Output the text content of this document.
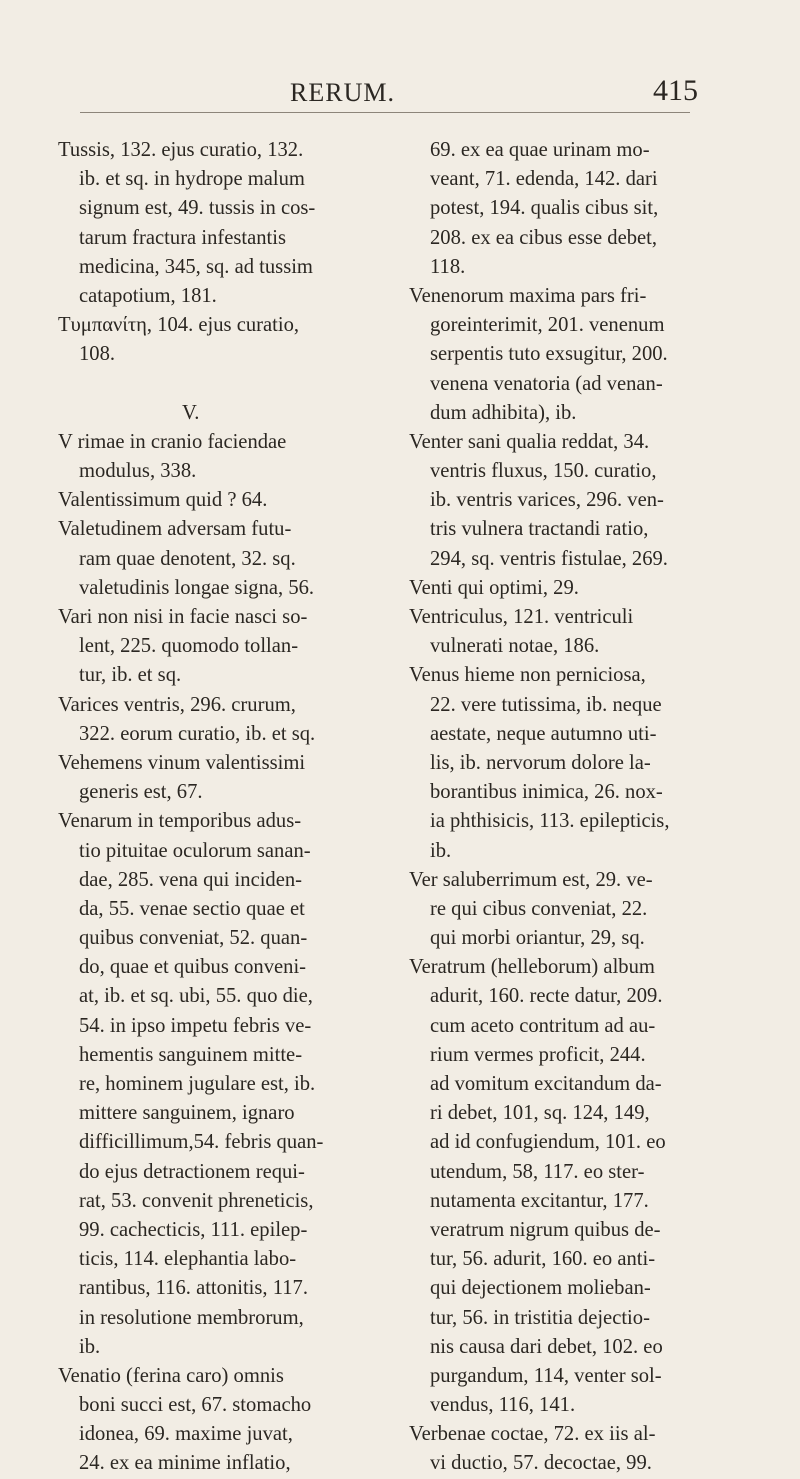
RERUM.	415
Tussis, 132. ejus curatio, 132.
ib. et sq. in hydrope malum
signum est, 49. tussis in cos-
tarum fractura infestantis
medicina, 345, sq. ad tussim
catapotium, 181.
Τυμπανίτη, 104. ejus curatio,
108.
V.
V rimae in cranio faciendae
modulus, 338.
Valentissimum quid ? 64.
Valetudinem adversam futu-
ram quae denotent, 32. sq.
valetudinis longae signa, 56.
Vari non nisi in facie nasci so-
lent, 225. quomodo tollan-
tur, ib. et sq.
Varices ventris, 296. crurum,
322. eorum curatio, ib. et sq.
Vehemens vinum valentissimi
generis est, 67.
Venarum in temporibus adus-
tio pituitae oculorum sanan-
dae, 285. vena qui inciden-
da, 55. venae sectio quae et
quibus conveniat, 52. quan-
do, quae et quibus conveni-
at, ib. et sq. ubi, 55. quo die,
54. in ipso impetu febris ve-
hementis sanguinem mitte-
re, hominem jugulare est, ib.
mittere sanguinem, ignaro
difficillimum,54. febris quan-
do ejus detractionem requi-
rat, 53. convenit phreneticis,
99. cachecticis, 111. epilep-
ticis, 114. elephantia labo-
rantibus, 116. attonitis, 117.
in resolutione membrorum,
ib.
Venatio (ferina caro) omnis
boni succi est, 67. stomacho
idonea, 69. maxime juvat,
24. ex ea minime inflatio,
69. ex ea quae urinam mo-
veant, 71. edenda, 142. dari
potest, 194. qualis cibus sit,
208. ex ea cibus esse debet,
118.
Venenorum maxima pars fri-
goreinterimit, 201. venenum
serpentis tuto exsugitur, 200.
venena venatoria (ad venan-
dum adhibita), ib.
Venter sani qualia reddat, 34.
ventris fluxus, 150. curatio,
ib. ventris varices, 296. ven-
tris vulnera tractandi ratio,
294, sq. ventris fistulae, 269.
Venti qui optimi, 29.
Ventriculus, 121. ventriculi
vulnerati notae, 186.
Venus hieme non perniciosa,
22. vere tutissima, ib. neque
aestate, neque autumno uti-
lis, ib. nervorum dolore la-
borantibus inimica, 26. nox-
ia phthisicis, 113. epilepticis,
ib.
Ver saluberrimum est, 29. ve-
re qui cibus conveniat, 22.
qui morbi oriantur, 29, sq.
Veratrum (helleborum) album
adurit, 160. recte datur, 209.
cum aceto contritum ad au-
rium vermes proficit, 244.
ad vomitum excitandum da-
ri debet, 101, sq. 124, 149,
ad id confugiendum, 101. eo
utendum, 58, 117. eo ster-
nutamenta excitantur, 177.
veratrum nigrum quibus de-
tur, 56. adurit, 160. eo anti-
qui dejectionem molieban-
tur, 56. in tristitia dejectio-
nis causa dari debet, 102. eo
purgandum, 114, venter sol-
vendus, 116, 141.
Verbenae coctae, 72. ex iis al-
vi ductio, 57. decoctae, 99.
